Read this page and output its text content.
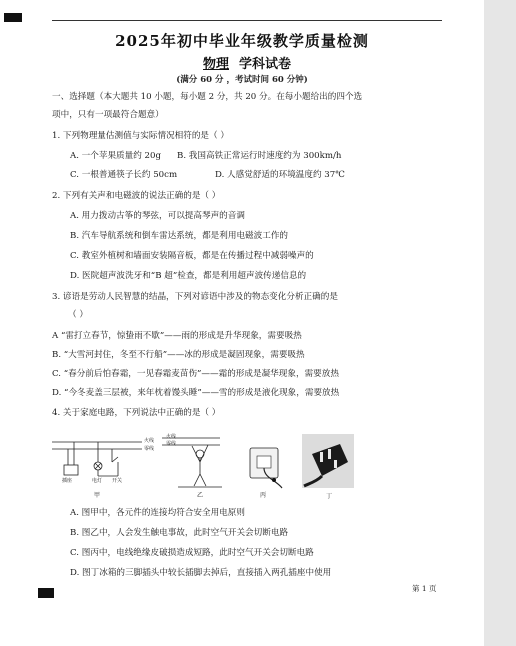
2025年初中毕业年级教学质量检测
物理 学科试卷
(满分 60 分 ，考试时间 60 分钟)
一、选择题（本大题共 10 小题，每小题 2 分，共 20 分。在每小题给出的四个选
项中，只有一项最符合题意）
1. 下列物理量估测值与实际情况相符的是（ ）
A. 一个苹果质量约 20g B. 我国高铁正常运行时速度约为 300km/h
C. 一根普通筷子长约 50cm	D. 人感觉舒适的环境温度约 37℃
2. 下列有关声和电磁波的说法正确的是（ ）
A. 用力拨动古筝的琴弦，可以提高琴声的音调
B. 汽车导航系统和倒车雷达系统，都是利用电磁波工作的
C. 教室外植树和墙面安装隔音板，都是在传播过程中减弱噪声的
D. 医院超声波洗牙和“B 超”检查，都是利用超声波传递信息的
3. 谚语是劳动人民智慧的结晶，下列对谚语中涉及的物态变化分析正确的是
（ ）
A “雷打立春节，惊蛰雨不歇”——雨的形成是升华现象，需要吸热
B. “大雪河封住，冬至不行船”——冰的形成是凝固现象，需要吸热
C. “春分前后怕春霜，一见春霜麦苗伤”——霜的形成是凝华现象，需要放热
D. “今冬麦盖三层被，来年枕着馒头睡”——雪的形成是液化现象，需要放热
4. 关于家庭电路，下列说法中正确的是（ ）
火线
零线
插座	电灯 开关
甲
火线
零线
乙	丙	丁
A. 图甲中，各元件的连接均符合安全用电原则
B. 图乙中，人会发生触电事故，此时空气开关会切断电路
C. 图丙中，电线绝缘皮破损造成短路，此时空气开关会切断电路
D. 图丁冰箱的三脚插头中较长插脚去掉后，直接插入两孔插座中使用
第 1 页
